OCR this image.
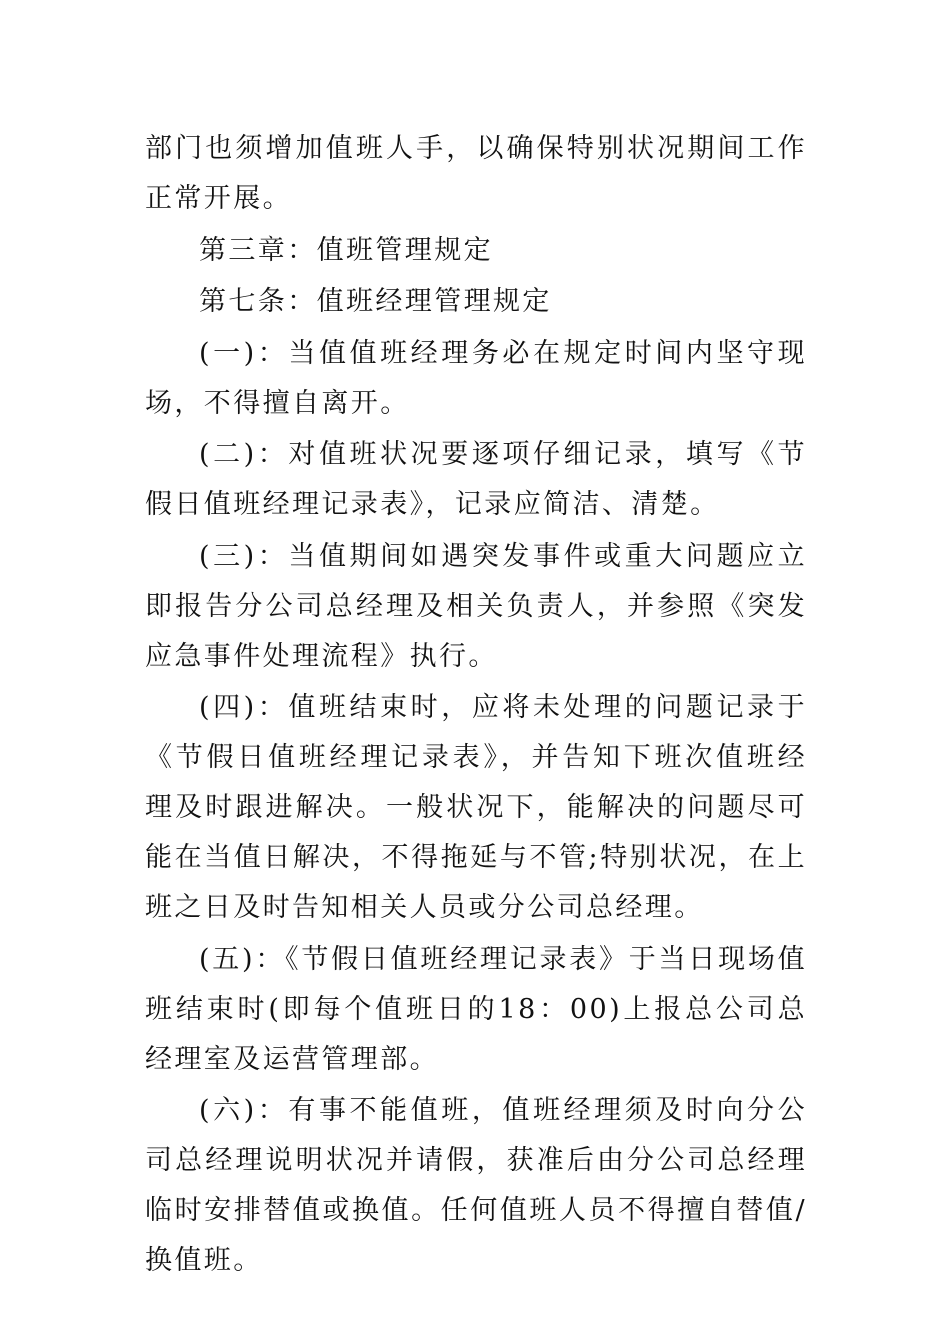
部门也须增加值班人手，以确保特别状况期间工作正常开展。

第三章：值班管理规定

第七条：值班经理管理规定

(一)：当值值班经理务必在规定时间内坚守现场，不得擅自离开。

(二)：对值班状况要逐项仔细记录，填写《节假日值班经理记录表》，记录应简洁、清楚。

(三)：当值期间如遇突发事件或重大问题应立即报告分公司总经理及相关负责人，并参照《突发应急事件处理流程》执行。

(四)：值班结束时，应将未处理的问题记录于《节假日值班经理记录表》，并告知下班次值班经理及时跟进解决。一般状况下，能解决的问题尽可能在当值日解决，不得拖延与不管;特别状况，在上班之日及时告知相关人员或分公司总经理。

(五)：《节假日值班经理记录表》于当日现场值班结束时(即每个值班日的18：00)上报总公司总经理室及运营管理部。

(六)：有事不能值班，值班经理须及时向分公司总经理说明状况并请假，获准后由分公司总经理临时安排替值或换值。任何值班人员不得擅自替值/换值班。
